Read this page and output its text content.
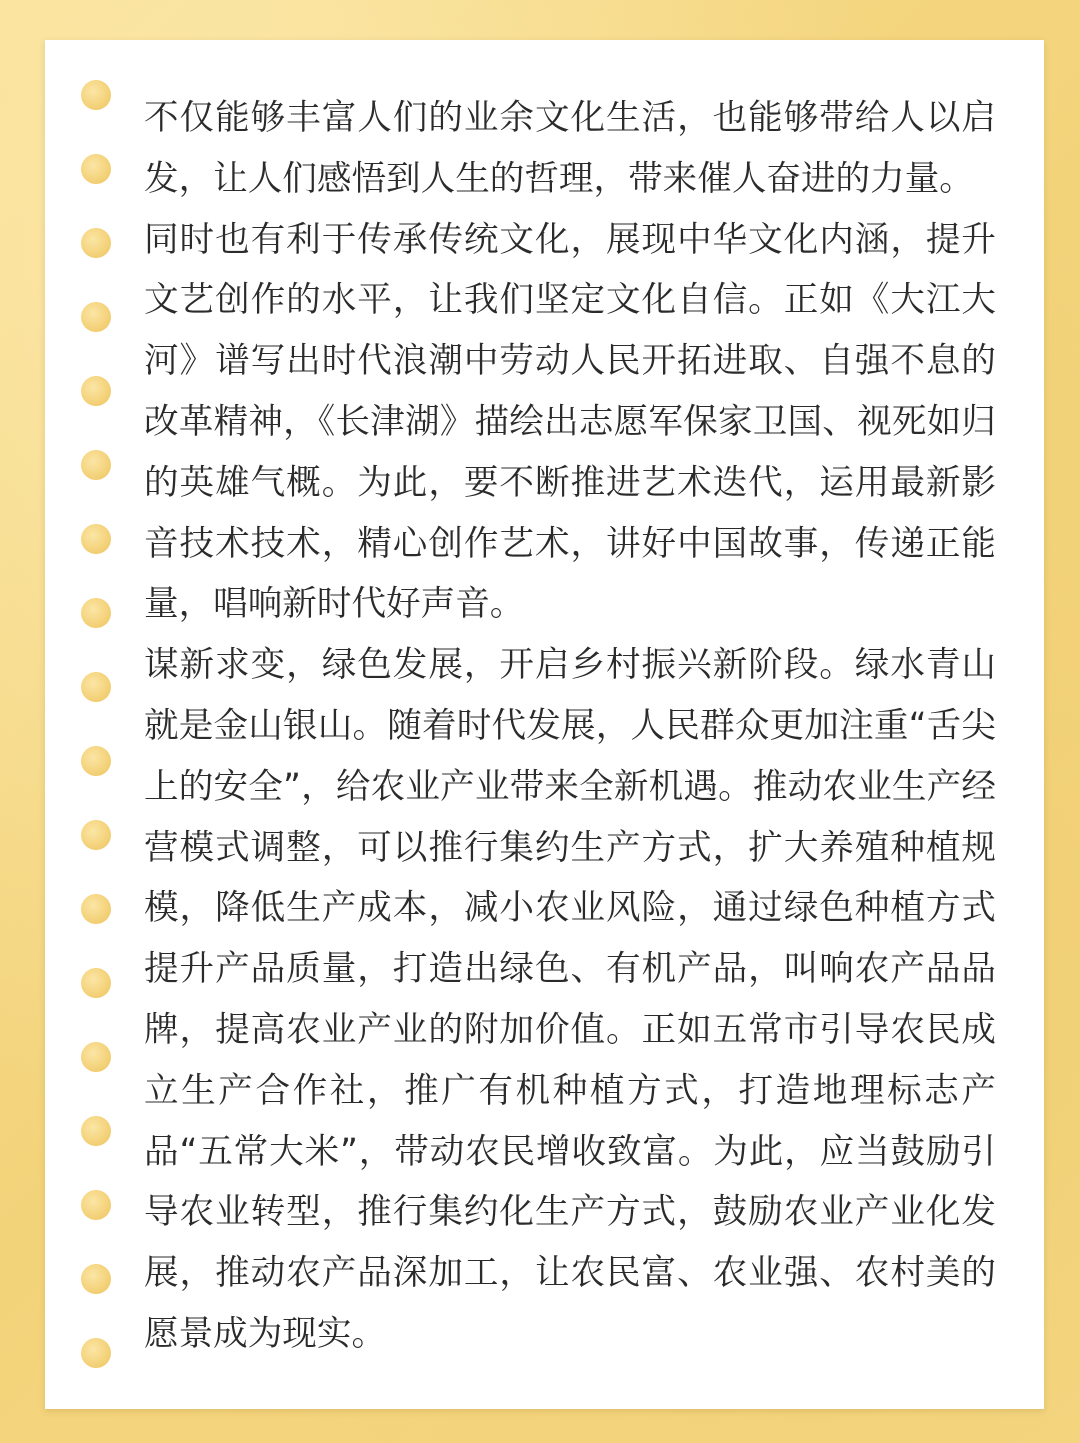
不仅能够丰富人们的业余文化生活，也能够带给人以启发，让人们感悟到人生的哲理，带来催人奋进的力量。

同时也有利于传承传统文化，展现中华文化内涵，提升文艺创作的水平，让我们坚定文化自信。正如《大江大河》谱写出时代浪潮中劳动人民开拓进取、自强不息的改革精神，《长津湖》描绘出志愿军保家卫国、视死如归的英雄气概。为此，要不断推进艺术迭代，运用最新影音技术技术，精心创作艺术，讲好中国故事，传递正能量，唱响新时代好声音。

谋新求变，绿色发展，开启乡村振兴新阶段。绿水青山就是金山银山。随着时代发展，人民群众更加注重“舌尖上的安全”，给农业产业带来全新机遇。推动农业生产经营模式调整，可以推行集约生产方式，扩大养殖种植规模，降低生产成本，减小农业风险，通过绿色种植方式提升产品质量，打造出绿色、有机产品，叫响农产品品牌，提高农业产业的附加价值。正如五常市引导农民成立生产合作社，推广有机种植方式，打造地理标志产品“五常大米”，带动农民增收致富。为此，应当鼓励引导农业转型，推行集约化生产方式，鼓励农业产业化发展，推动农产品深加工，让农民富、农业强、农村美的愿景成为现实。
